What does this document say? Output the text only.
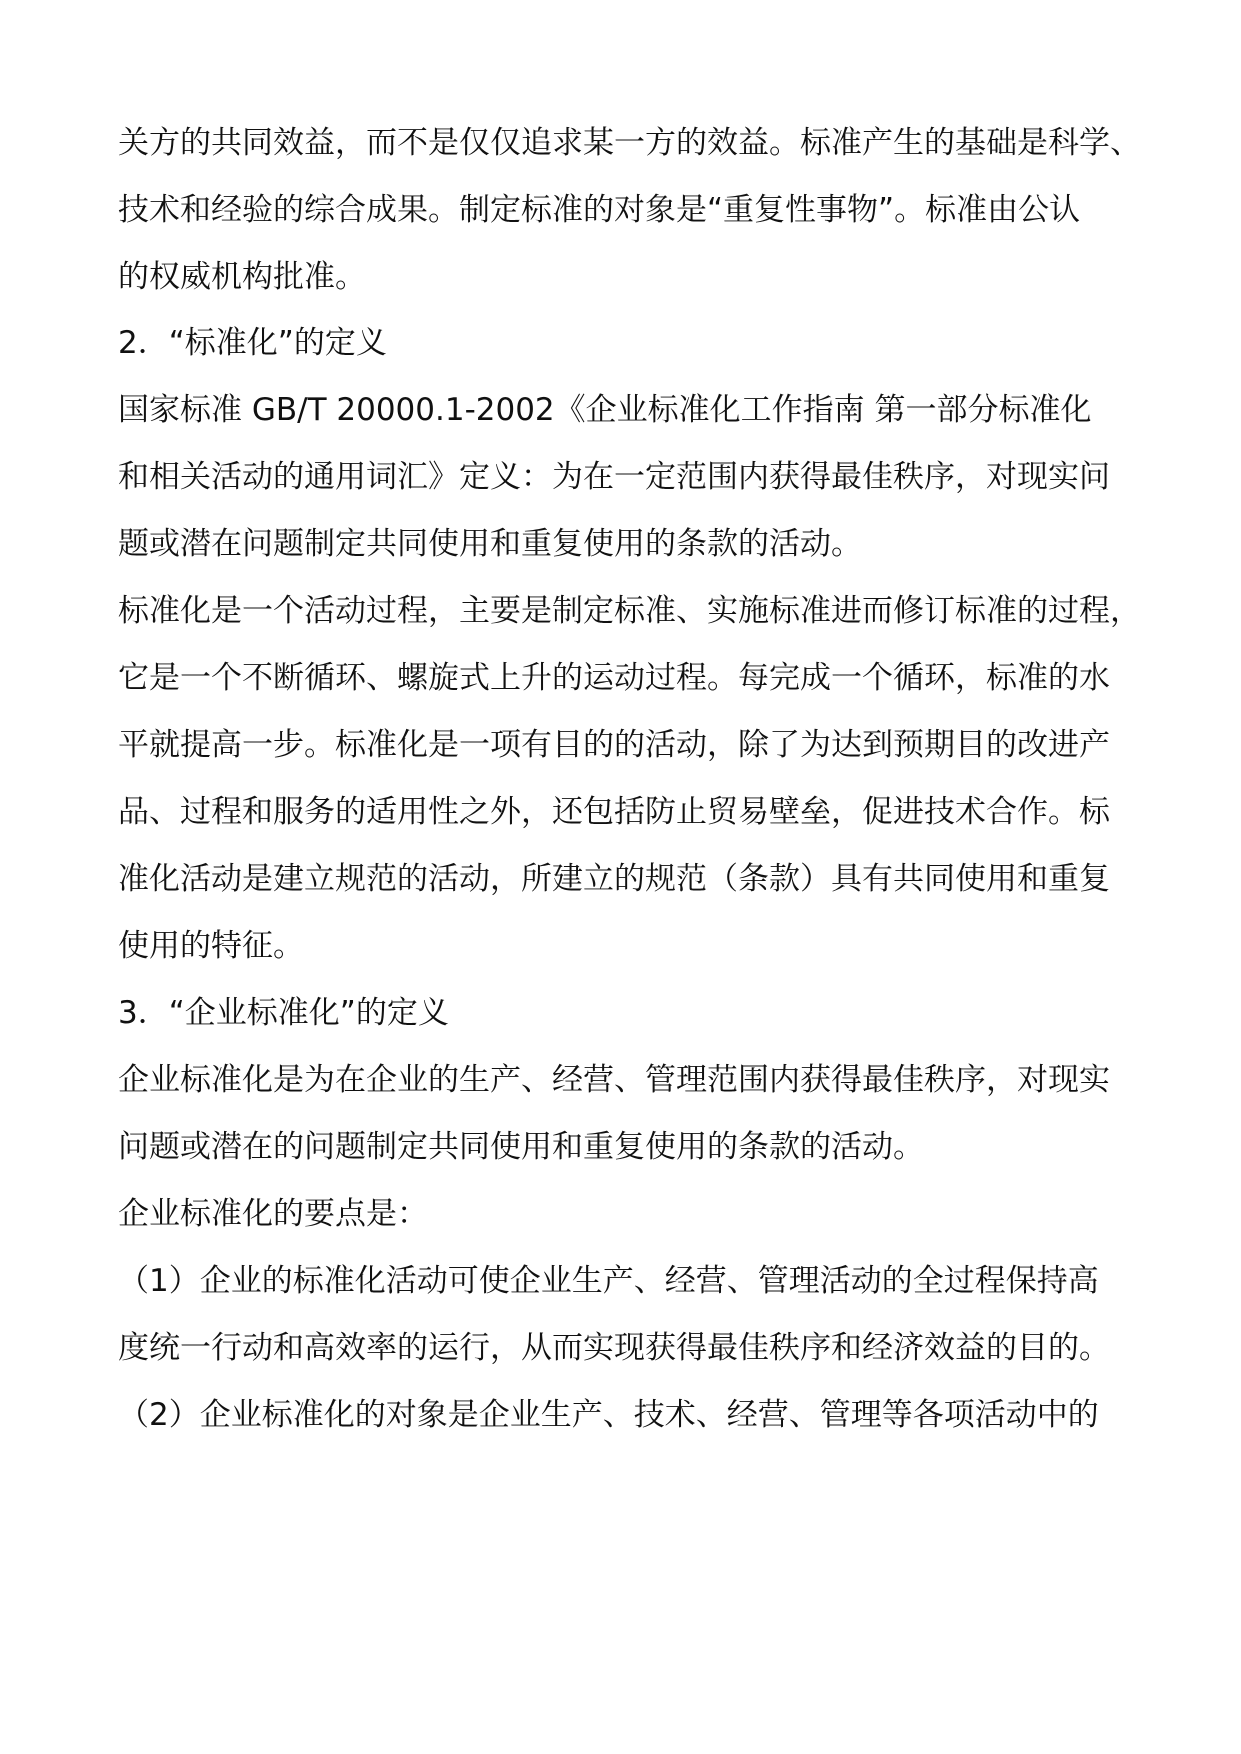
关方的共同效益，而不是仅仅追求某一方的效益。标准产生的基础是科学、

技术和经验的综合成果。制定标准的对象是“重复性事物”。标准由公认

的权威机构批准。

2．“标准化”的定义

国家标准 GB/T 20000.1-2002《企业标准化工作指南 第一部分标准化

和相关活动的通用词汇》定义：为在一定范围内获得最佳秩序，对现实问

题或潜在问题制定共同使用和重复使用的条款的活动。

标准化是一个活动过程，主要是制定标准、实施标准进而修订标准的过程，

它是一个不断循环、螺旋式上升的运动过程。每完成一个循环，标准的水

平就提高一步。标准化是一项有目的的活动，除了为达到预期目的改进产

品、过程和服务的适用性之外，还包括防止贸易壁垒，促进技术合作。标

准化活动是建立规范的活动，所建立的规范（条款）具有共同使用和重复

使用的特征。

3．“企业标准化”的定义

企业标准化是为在企业的生产、经营、管理范围内获得最佳秩序，对现实

问题或潜在的问题制定共同使用和重复使用的条款的活动。

企业标准化的要点是：

（1）企业的标准化活动可使企业生产、经营、管理活动的全过程保持高

度统一行动和高效率的运行，从而实现获得最佳秩序和经济效益的目的。

（2）企业标准化的对象是企业生产、技术、经营、管理等各项活动中的
